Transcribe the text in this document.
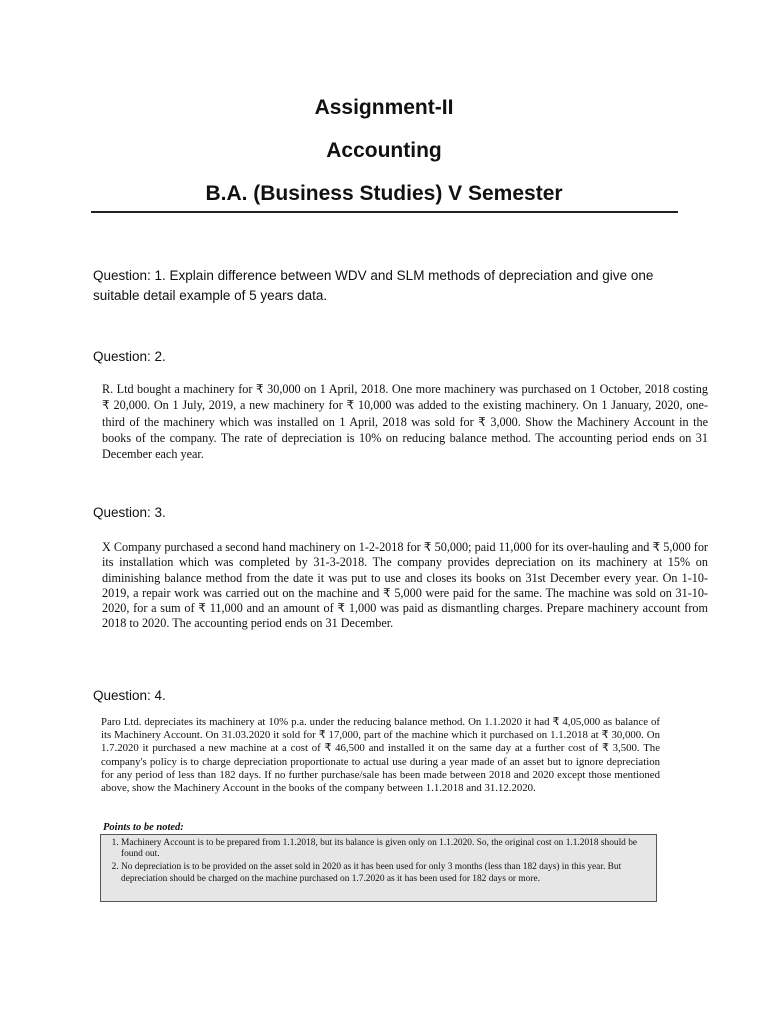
Assignment-II
Accounting
B.A. (Business Studies) V Semester

Question: 1. Explain difference between WDV and SLM methods of depreciation and give one suitable detail example of 5 years data.

Question: 2.

R. Ltd bought a machinery for ₹ 30,000 on 1 April, 2018. One more machinery was purchased on 1 October, 2018 costing ₹ 20,000. On 1 July, 2019, a new machinery for ₹ 10,000 was added to the existing machinery. On 1 January, 2020, one-third of the machinery which was installed on 1 April, 2018 was sold for ₹ 3,000. Show the Machinery Account in the books of the company. The rate of depreciation is 10% on reducing balance method. The accounting period ends on 31 December each year.

Question: 3.

X Company purchased a second hand machinery on 1-2-2018 for ₹ 50,000; paid 11,000 for its over-hauling and ₹ 5,000 for its installation which was completed by 31-3-2018. The company provides depreciation on its machinery at 15% on diminishing balance method from the date it was put to use and closes its books on 31st December every year. On 1-10-2019, a repair work was carried out on the machine and ₹ 5,000 were paid for the same. The machine was sold on 31-10-2020, for a sum of ₹ 11,000 and an amount of ₹ 1,000 was paid as dismantling charges. Prepare machinery account from 2018 to 2020. The accounting period ends on 31 December.

Question: 4.

Paro Ltd. depreciates its machinery at 10% p.a. under the reducing balance method. On 1.1.2020 it had ₹ 4,05,000 as balance of its Machinery Account. On 31.03.2020 it sold for ₹ 17,000, part of the machine which it purchased on 1.1.2018 at ₹ 30,000. On 1.7.2020 it purchased a new machine at a cost of ₹ 46,500 and installed it on the same day at a further cost of ₹ 3,500. The company's policy is to charge depreciation proportionate to actual use during a year made of an asset but to ignore depreciation for any period of less than 182 days. If no further purchase/sale has been made between 2018 and 2020 except those mentioned above, show the Machinery Account in the books of the company between 1.1.2018 and 31.12.2020.

Points to be noted:
1. Machinery Account is to be prepared from 1.1.2018, but its balance is given only on 1.1.2020. So, the original cost on 1.1.2018 should be found out.
2. No depreciation is to be provided on the asset sold in 2020 as it has been used for only 3 months (less than 182 days) in this year. But depreciation should be charged on the machine purchased on 1.7.2020 as it has been used for 182 days or more.
